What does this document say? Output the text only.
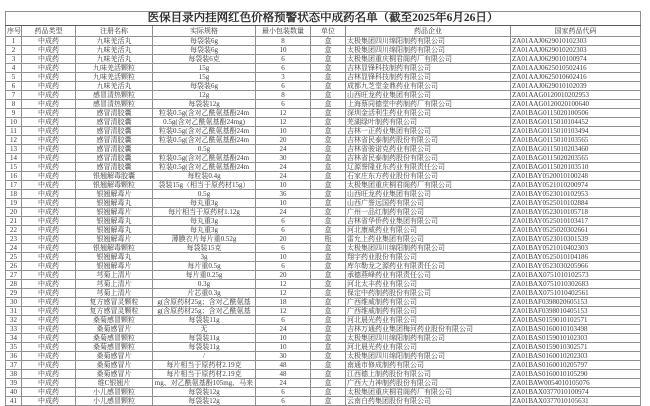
医保目录内挂网红色价格预警状态中成药名单（截至2025年6月26日）							
序号	药品类型	注册名称	实际规格	最小包装数量	单位	药品企业	国家药品代码
1	中成药	九味羌活丸	每袋装6g	8	盒	太极集团四川绵阳制药有限公司	ZA01AAJ0629010102303
2	中成药	九味羌活丸	每袋装6g	10	盒	太极集团四川绵阳制药有限公司	ZA01AAJ0629010202303
3	中成药	九味羌活丸	每袋装6克	6	盒	太极集团重庆桐君阁药厂有限公司	ZA01AAJ0629010100974
4	中成药	九味羌活颗粒	15g	6	盒	吉林显锋科技制药有限公司	ZA01AAJ0625010502416
5	中成药	九味羌活颗粒	15g	3	盒	吉林显锋科技制药有限公司	ZA01AAJ0625010602416
6	中成药	九味羌活丸	每袋装6g	6	盒	成都九芝堂金鼎药业有限公司	ZA01AAJ0629010102039
7	中成药	感冒清热颗粒	12g	8	盒	山西旺龙药业集团有限公司	ZA01AAG0120010202953
8	中成药	感冒清热颗粒	每袋装12g	6	盒	上海蔡同德堂中药制药厂有限公司	ZA01AAG0120020100640
9	中成药	感冒清胶囊	粒装0.5g(含对乙酰氨基酚24m	12	盒	深圳金活利生药业有限公司	ZA01BAG0115020100506
10	中成药	感冒清胶囊	0.5g(含对乙酰氨基酚24mg)	12	盒	芜湖绿叶制药有限公司	ZA01BAG0115010104452
11	中成药	感冒清胶囊	粒装0.5g(含对乙酰氨基酚24m	10	盒	吉林一正药业集团有限公司	ZA01BAG0115010103494
12	中成药	感冒清胶囊	粒装0.5g(含对乙酰氨基酚24m	20	盒	吉林省民泰制药股份有限公司	ZA01BAG0115010103565
13	中成药	感冒清胶囊	0.5g	24	盒	吉林省骏诺克药业有限公司	ZA01BAG0115010203460
14	中成药	感冒清胶囊	粒装0.5g(含对乙酰氨基酚24m	30	盒	吉林省民泰制药股份有限公司	ZA01BAG0115020203565
15	中成药	感冒清胶囊	粒装0.5g(含对乙酰氨基酚24m	24	盒	辽源誉隆亚东药业有限责任公司	ZA01BAG0115020103510
16	中成药	银翘解毒胶囊	每粒装0.4g	24	盒	石家庄东方药业股份有限公司	ZA01BAY0520010100248
17	中成药	银翘解毒颗粒	袋装15g（相当于原药材15g）	10	盒	太极集团重庆桐君阁药厂有限公司	ZA01BAY0521010200974
18	中成药	银翘解毒片	0.5g	36	盒	山西旺龙药业集团有限公司	ZA01BAY0523010102953
19	中成药	银翘解毒丸	每丸重3g	10	盒	山西广誉远国药有限公司	ZA01BAY0525010102884
20	中成药	银翘解毒片	每片相当于原药材1.12g	24	盒	广州一品红制药有限公司	ZA01BAY0523010105718
21	中成药	银翘解毒丸	每丸重3g	6	盒	吉林省华侨药业集团有限公司	ZA01BAY0525010103417
22	中成药	银翘解毒丸	每丸重3g	6	盒	河北康威药业有限公司	ZA01BAY0525020302661
23	中成药	银翘解毒片	薄膜衣片每片重0.52g	20	瓶	雷允上药业集团有限公司	ZA01BAY0523010301539
24	中成药	银翘解毒颗粒	每袋装15克	6	盒	太极集团四川绵阳制药有限公司	ZA01BAY0521010402303
25	中成药	银翘解毒丸	3g	10	盒	翔宇药业股份有限公司	ZA01BAY0525010104186
26	中成药	银翘解毒片	每片重0.5g	6	盒	库尔勒龙之源药业有限责任公司	ZA01BAY0523030205966
27	中成药	芎菊上清片	每片重0.25g	20	盒	承德燕峰药业有限责任公司	ZA01BAX0751010102573
28	中成药	芎菊上清片	0.3g	12	盒	河北太丰药业有限公司	ZA01BAX0751010302683
29	中成药	芎菊上清片	片芯重0.3g	12	盒	保定中药制药股份有限公司	ZA01BAX0751010402561
30	中成药	复方感冒灵颗粒	g(含原药材25g；含对乙酰氨基	18	盒	广西维威制药有限公司	ZA01BAF0398020605153
31	中成药	复方感冒灵颗粒	g(含原药材25g；含对乙酰氨基	12	盒	广西维威制药有限公司	ZA01BAF0398010405153
32	中成药	桑菊感冒颗粒	每袋装11g	6	盒	河北晨光药业有限公司	ZA01BAS0159010102571
33	中成药	桑菊感冒片	无	24	盒	吉林万通药业集团梅河药业股份有限公司	ZA01BAS0160010103498
34	中成药	桑菊感冒颗粒	每袋装11g	10	盒	太极集团四川绵阳制药有限公司	ZA01BAS0159010102303
35	中成药	桑菊感冒颗粒	每袋装11g	10	盒	河北晨光药业有限公司	ZA01BAS0159010302571
36	中成药	桑菊感冒片	/	30	盒	太极集团四川绵阳制药有限公司	ZA01BAS0160010202303
37	中成药	桑菊感冒片	每片相当于原药材2.19克	48	盒	南通市修成制药有限公司	ZA01BAS0160010205797
38	中成药	桑菊感冒片	每片相当于原药材2.19克	48	盒	江西德上制药股份有限公司	ZA01BAS0160010105290
39	中成药	维C银翘片	mg、对乙酰氨基酚105mg、马来	24	盒	广西大力神制药股份有限公司	ZA01BAW0054010105076
40	中成药	小儿感冒颗粒	每袋装12g	6	盒	太极集团重庆桐君阁药厂有限公司	ZA01BAX0377010100974
41	中成药	小儿感冒颗粒	每袋装12g	6	盒	云南白药集团股份有限公司	ZA01BAX0377010105631
